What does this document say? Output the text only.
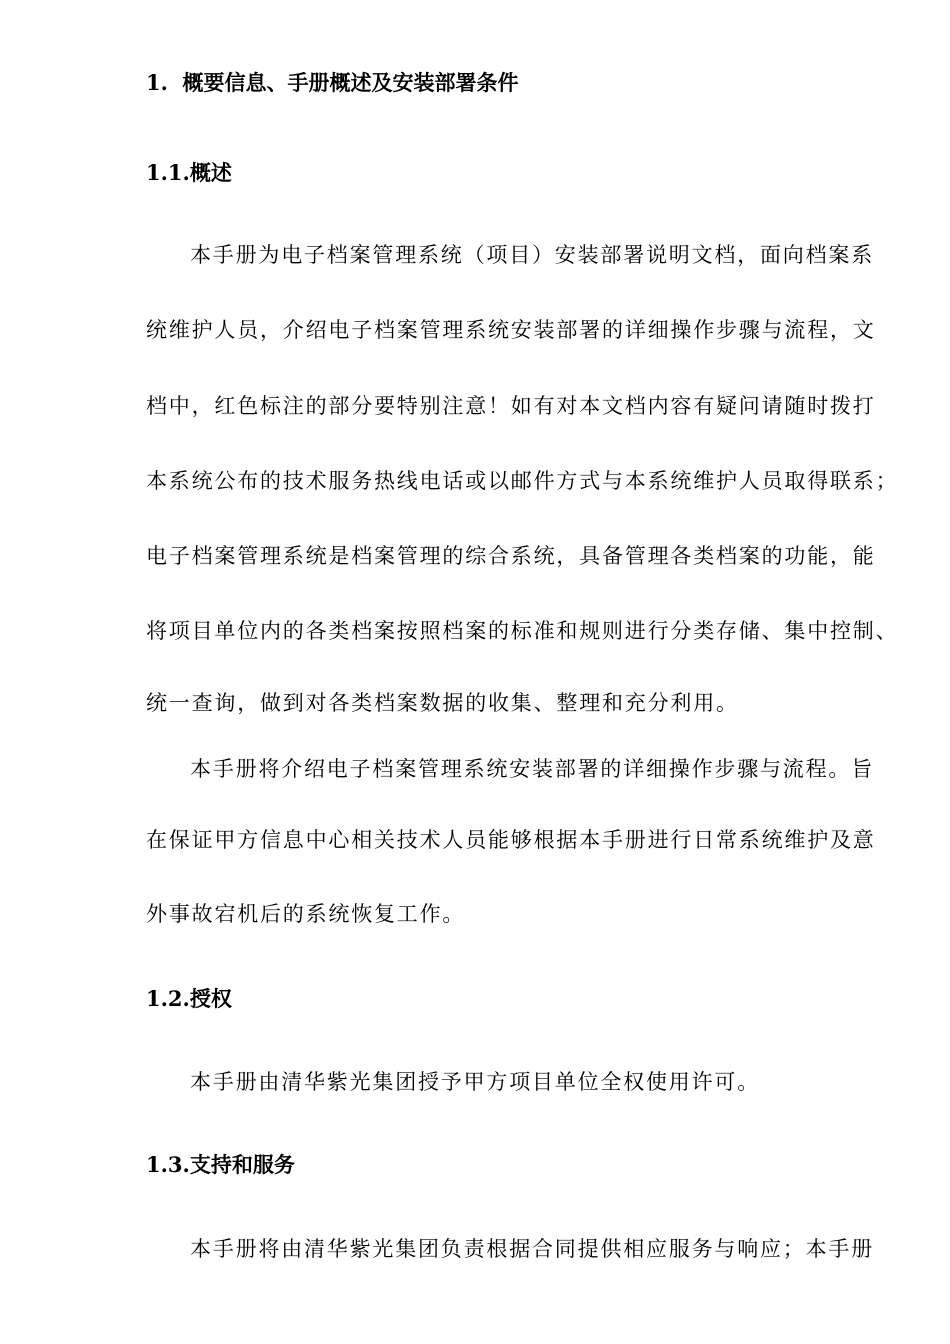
1.  概要信息、手册概述及安装部署条件
1.1.概述
本手册为电子档案管理系统（项目）安装部署说明文档，面向档案系
统维护人员，介绍电子档案管理系统安装部署的详细操作步骤与流程，文
档中，红色标注的部分要特别注意！如有对本文档内容有疑问请随时拨打
本系统公布的技术服务热线电话或以邮件方式与本系统维护人员取得联系；
电子档案管理系统是档案管理的综合系统，具备管理各类档案的功能，能
将项目单位内的各类档案按照档案的标准和规则进行分类存储、集中控制、
统一查询，做到对各类档案数据的收集、整理和充分利用。
本手册将介绍电子档案管理系统安装部署的详细操作步骤与流程。旨
在保证甲方信息中心相关技术人员能够根据本手册进行日常系统维护及意
外事故宕机后的系统恢复工作。
1.2.授权
本手册由清华紫光集团授予甲方项目单位全权使用许可。
1.3.支持和服务
本手册将由清华紫光集团负责根据合同提供相应服务与响应；本手册
